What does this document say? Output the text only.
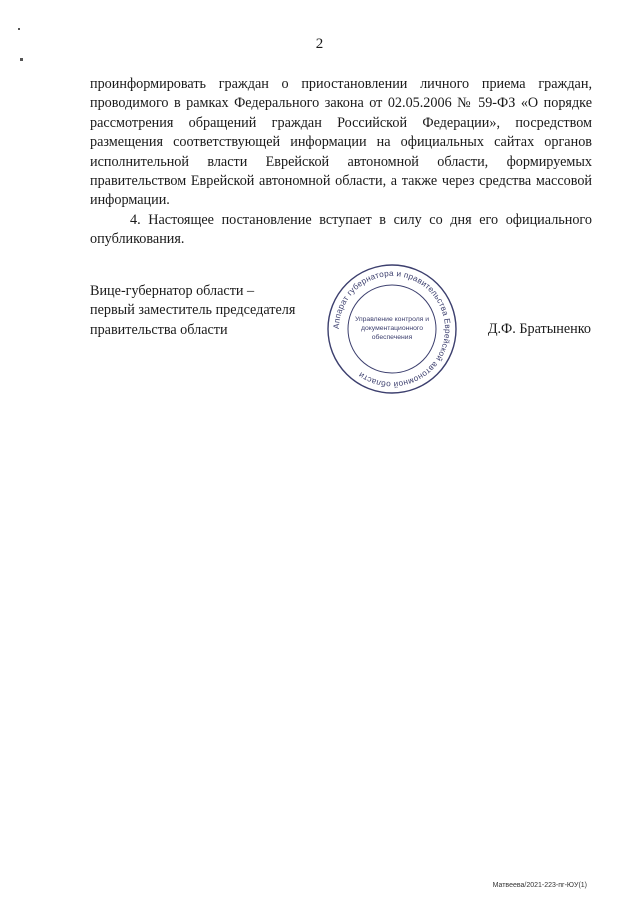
2

проинформировать граждан о приостановлении личного приема граждан, проводимого в рамках Федерального закона от 02.05.2006 № 59-ФЗ «О порядке рассмотрения обращений граждан Российской Федерации», посредством размещения соответствующей информации на официальных сайтах органов исполнительной власти Еврейской автономной области, формируемых правительством Еврейской автономной области, а также через средства массовой информации.

4. Настоящее постановление вступает в силу со дня его официального опубликования.

Вице-губернатор области –
первый заместитель председателя
правительства области	Аппарат губернатора и правительства Еврейской автономной области
Управление контроля и
документационного
обеспечения
Д.Ф. Братыненко
Матвеева/2021-223-пг-ЮУ(1)
